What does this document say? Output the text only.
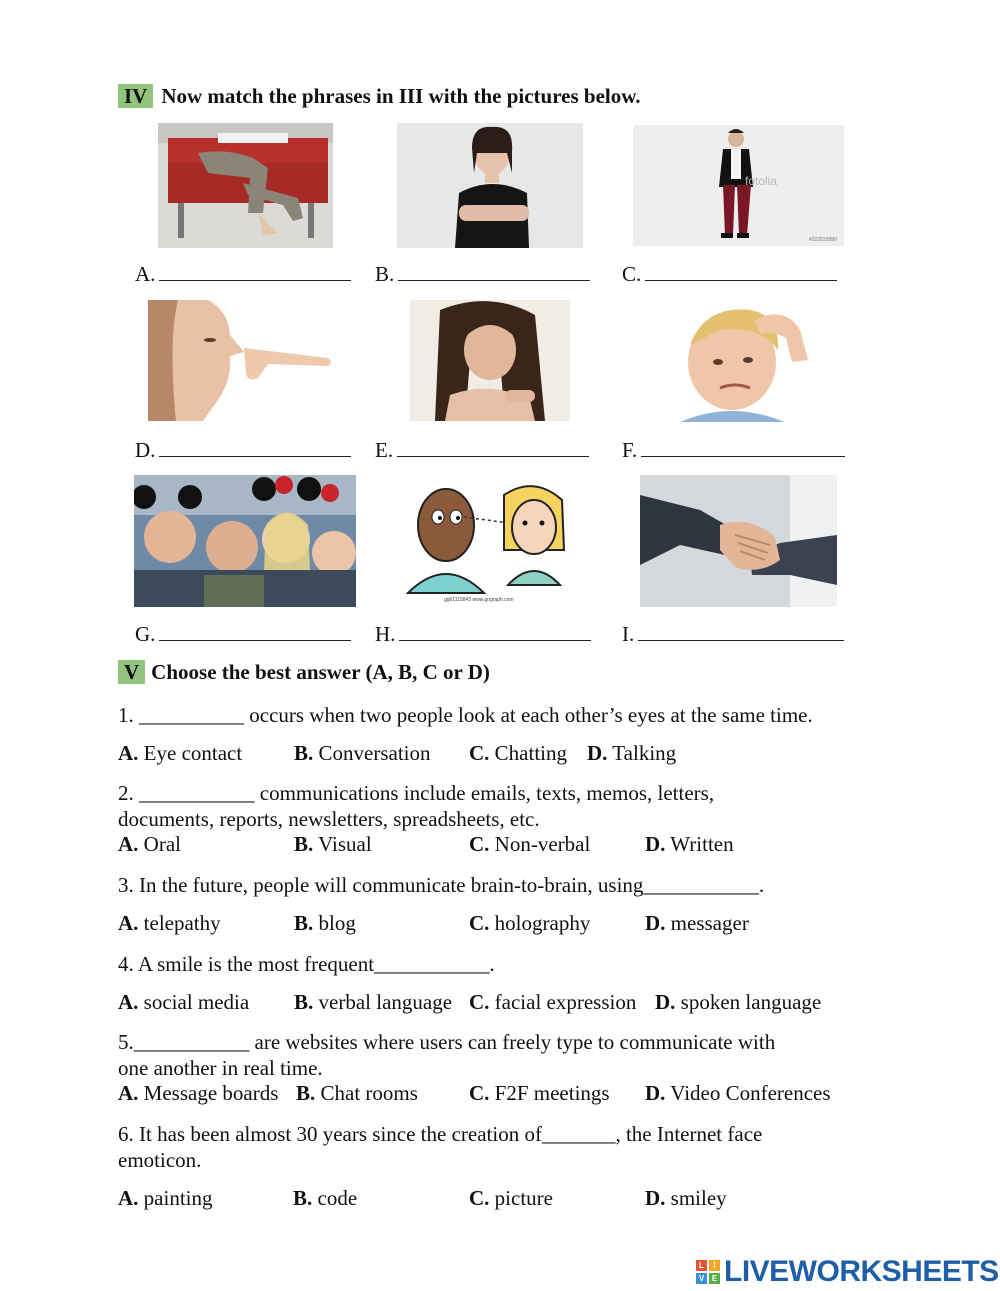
IV Now match the phrases in III with the pictures below.
fotolia
#222532890
A.	B.	C.
D.	E.	F.
gg61115843 www.gograph.com
G.	H.	I.
V Choose the best answer (A, B, C or D)
1. __________ occurs when two people look at each other’s eyes at the same time.
A. Eye contact B. Conversation C. Chatting D. Talking
2. ___________ communications include emails, texts, memos, letters,
documents, reports, newsletters, spreadsheets, etc.
A. Oral	B. Visual	C. Non-verbal	D. Written
3. In the future, people will communicate brain-to-brain, using___________.
A. telepathy	B. blog	C. holography	D. messager
4. A smile is the most frequent___________.
A. social media B. verbal language C. facial expression D. spoken language
5.___________ are websites where users can freely type to communicate with
one another in real time.
A. Message boards B. Chat rooms C. F2F meetings D. Video Conferences
6. It has been almost 30 years since the creation of_______, the Internet face
emoticon.
A. painting	B. code	C. picture	D. smiley
L	I
V E LIVEWORKSHEETS
